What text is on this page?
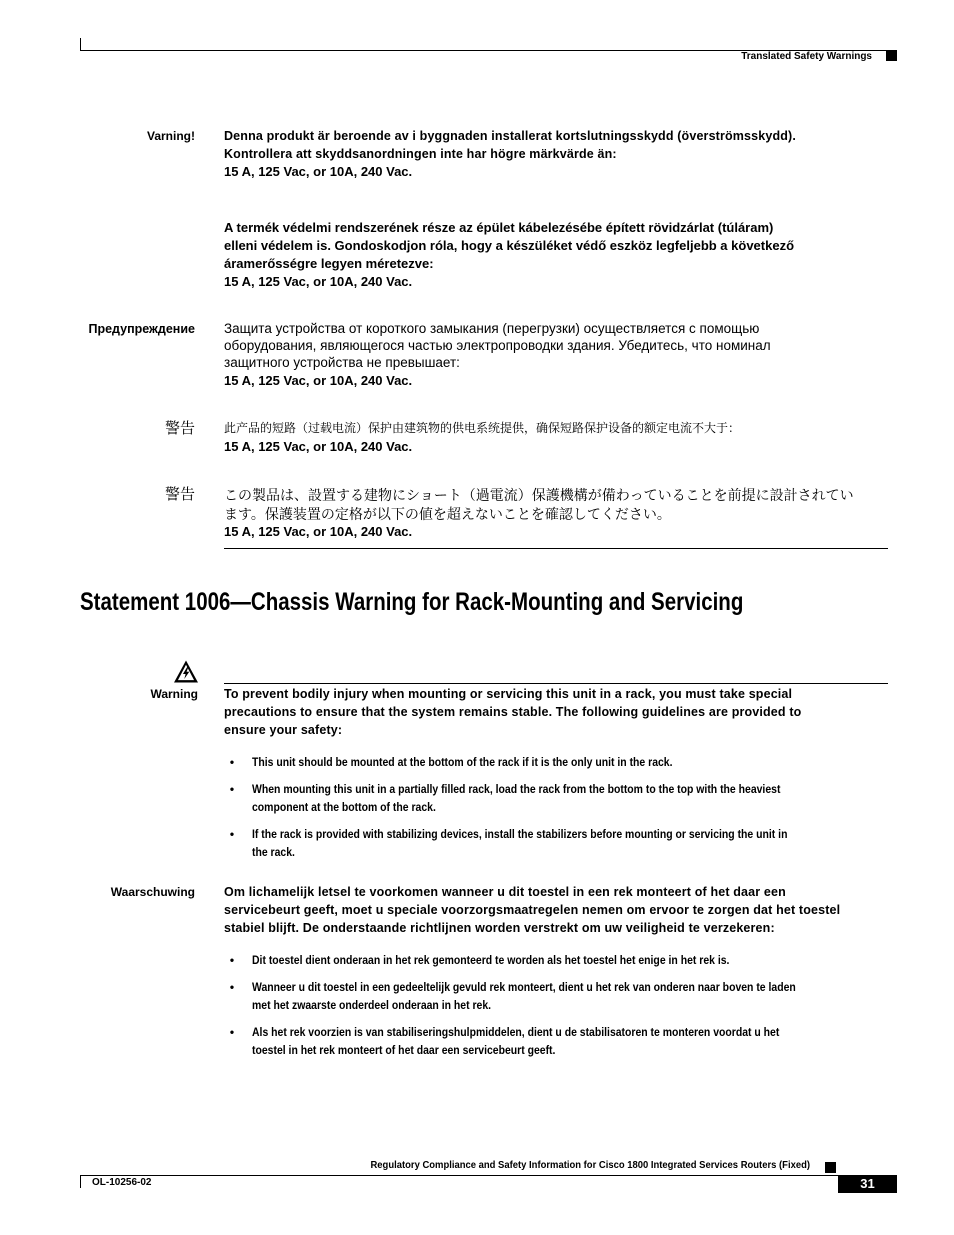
Translated Safety Warnings
Varning! Denna produkt är beroende av i byggnaden installerat kortslutningsskydd (överströmsskydd).
Kontrollera att skyddsanordningen inte har högre märkvärde än:
15 A, 125 Vac, or 10A, 240 Vac.
A termék védelmi rendszerének része az épület kábelezésébe épített rövidzárlat (túláram)
elleni védelem is. Gondoskodjon róla, hogy a készüléket védő eszköz legfeljebb a következő
áramerősségre legyen méretezve:
15 A, 125 Vac, or 10A, 240 Vac.
Предупреждение Защита устройства от короткого замыкания (перегрузки) осуществляется с помощью
оборудования, являющегося частью электропроводки здания. Убедитесь, что номинал
защитного устройства не превышает:
15 A, 125 Vac, or 10A, 240 Vac.
警告 此产品的短路（过载电流）保护由建筑物的供电系统提供，确保短路保护设备的额定电流不大于：
15 A, 125 Vac, or 10A, 240 Vac.
警告 この製品は、設置する建物にショート（過電流）保護機構が備わっていることを前提に設計されてい
ます。保護装置の定格が以下の値を超えないことを確認してください。
15 A, 125 Vac, or 10A, 240 Vac.
Statement 1006—Chassis Warning for Rack-Mounting and Servicing
Warning To prevent bodily injury when mounting or servicing this unit in a rack, you must take special
precautions to ensure that the system remains stable. The following guidelines are provided to
ensure your safety:
•	This unit should be mounted at the bottom of the rack if it is the only unit in the rack.
•	When mounting this unit in a partially filled rack, load the rack from the bottom to the top with the heaviest
component at the bottom of the rack.
•	If the rack is provided with stabilizing devices, install the stabilizers before mounting or servicing the unit in
the rack.
Waarschuwing Om lichamelijk letsel te voorkomen wanneer u dit toestel in een rek monteert of het daar een
servicebeurt geeft, moet u speciale voorzorgsmaatregelen nemen om ervoor te zorgen dat het toestel
stabiel blijft. De onderstaande richtlijnen worden verstrekt om uw veiligheid te verzekeren:
•	Dit toestel dient onderaan in het rek gemonteerd te worden als het toestel het enige in het rek is.
•	Wanneer u dit toestel in een gedeeltelijk gevuld rek monteert, dient u het rek van onderen naar boven te laden
met het zwaarste onderdeel onderaan in het rek.
•	Als het rek voorzien is van stabiliseringshulpmiddelen, dient u de stabilisatoren te monteren voordat u het
toestel in het rek monteert of het daar een servicebeurt geeft.
Regulatory Compliance and Safety Information for Cisco 1800 Integrated Services Routers (Fixed)
OL-10256-02	31
